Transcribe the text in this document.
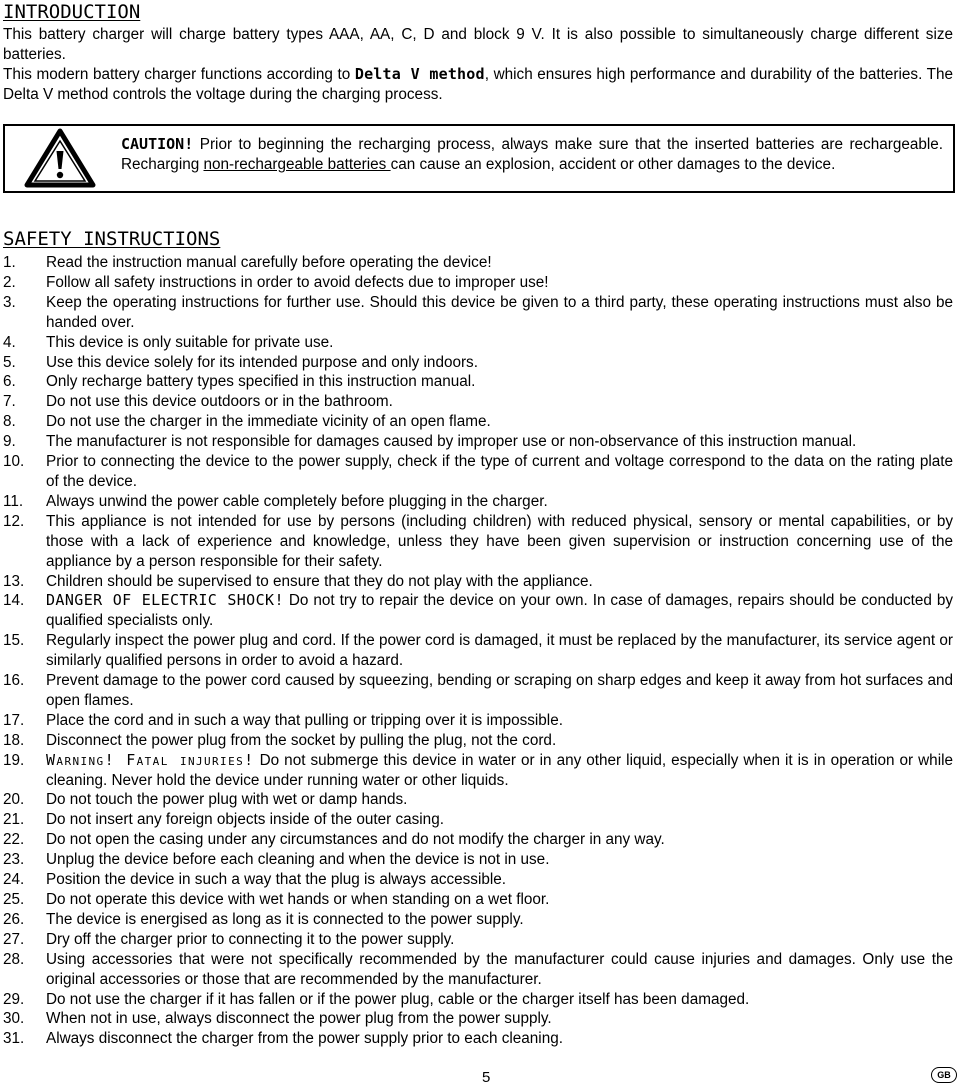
INTRODUCTION

This battery charger will charge battery types AAA, AA, C, D and block 9 V. It is also possible to simultaneously charge different size batteries.

This modern battery charger functions according to Delta V method, which ensures high performance and durability of the batteries. The Delta V method controls the voltage during the charging process.

CAUTION! Prior to beginning the recharging process, always make sure that the inserted batteries are rechargeable. Recharging non-rechargeable batteries can cause an explosion, accident or other damages to the device.

SAFETY INSTRUCTIONS
1.	Read the instruction manual carefully before operating the device!
2.	Follow all safety instructions in order to avoid defects due to improper use!
3.	Keep the operating instructions for further use. Should this device be given to a third party, these operating instructions must also be handed over.
4.	This device is only suitable for private use.
5.	Use this device solely for its intended purpose and only indoors.
6.	Only recharge battery types specified in this instruction manual.
7.	Do not use this device outdoors or in the bathroom.
8.	Do not use the charger in the immediate vicinity of an open flame.
9.	The manufacturer is not responsible for damages caused by improper use or non-observance of this instruction manual.
10.	Prior to connecting the device to the power supply, check if the type of current and voltage correspond to the data on the rating plate of the device.
11.	Always unwind the power cable completely before plugging in the charger.
12.	This appliance is not intended for use by persons (including children) with reduced physical, sensory or mental capabilities, or by those with a lack of experience and knowledge, unless they have been given supervision or instruction concerning use of the appliance by a person responsible for their safety.
13.	Children should be supervised to ensure that they do not play with the appliance.
14.	DANGER OF ELECTRIC SHOCK! Do not try to repair the device on your own. In case of damages, repairs should be conducted by qualified specialists only.
15.	Regularly inspect the power plug and cord. If the power cord is damaged, it must be replaced by the manufacturer, its service agent or similarly qualified persons in order to avoid a hazard.
16.	Prevent damage to the power cord caused by squeezing, bending or scraping on sharp edges and keep it away from hot surfaces and open flames.
17.	Place the cord and in such a way that pulling or tripping over it is impossible.
18.	Disconnect the power plug from the socket by pulling the plug, not the cord.
19.	Warning! Fatal injuries! Do not submerge this device in water or in any other liquid, especially when it is in operation or while cleaning. Never hold the device under running water or other liquids.
20.	Do not touch the power plug with wet or damp hands.
21.	Do not insert any foreign objects inside of the outer casing.
22.	Do not open the casing under any circumstances and do not modify the charger in any way.
23.	Unplug the device before each cleaning and when the device is not in use.
24.	Position the device in such a way that the plug is always accessible.
25.	Do not operate this device with wet hands or when standing on a wet floor.
26.	The device is energised as long as it is connected to the power supply.
27.	Dry off the charger prior to connecting it to the power supply.
28.	Using accessories that were not specifically recommended by the manufacturer could cause injuries and damages. Only use the original accessories or those that are recommended by the manufacturer.
29.	Do not use the charger if it has fallen or if the power plug, cable or the charger itself has been damaged.
30.	When not in use, always disconnect the power plug from the power supply.
31.	Always disconnect the charger from the power supply prior to each cleaning.
5	GB
